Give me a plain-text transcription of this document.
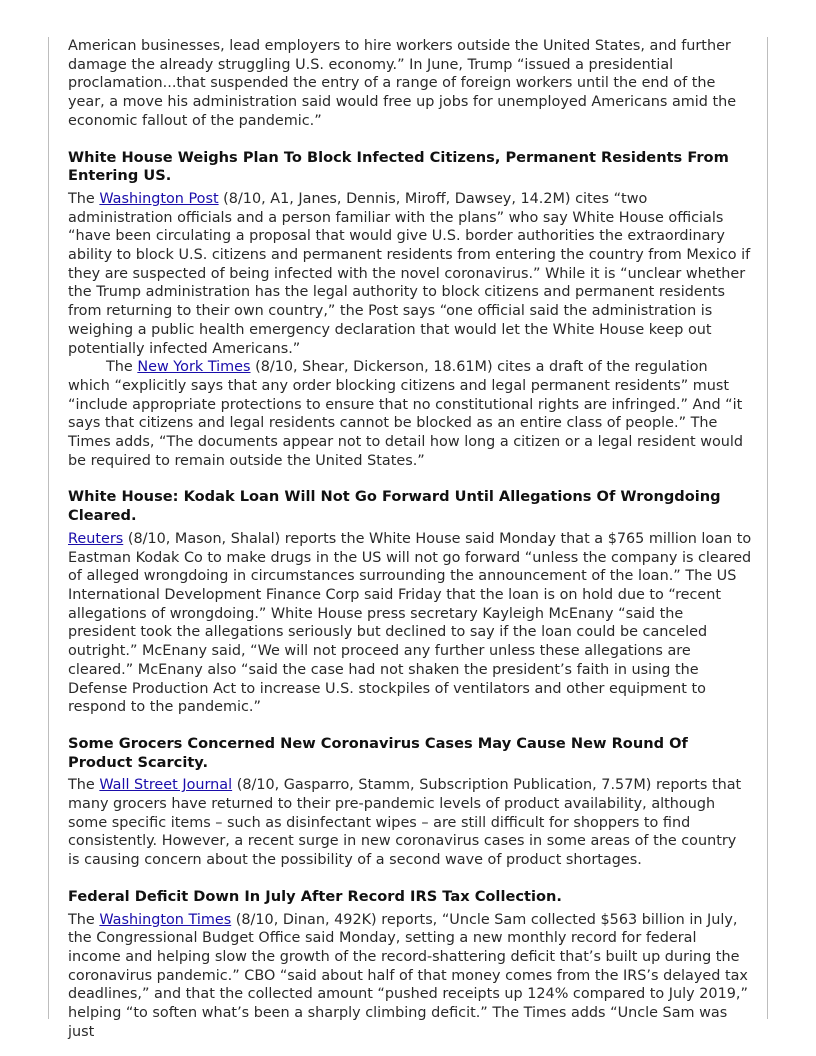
American businesses, lead employers to hire workers outside the United States, and further damage the already struggling U.S. economy.” In June, Trump “issued a presidential proclamation...that suspended the entry of a range of foreign workers until the end of the year, a move his administration said would free up jobs for unemployed Americans amid the economic fallout of the pandemic.”

White House Weighs Plan To Block Infected Citizens, Permanent Residents From Entering US.

The Washington Post (8/10, A1, Janes, Dennis, Miroff, Dawsey, 14.2M) cites “two administration officials and a person familiar with the plans” who say White House officials “have been circulating a proposal that would give U.S. border authorities the extraordinary ability to block U.S. citizens and permanent residents from entering the country from Mexico if they are suspected of being infected with the novel coronavirus.” While it is “unclear whether the Trump administration has the legal authority to block citizens and permanent residents from returning to their own country,” the Post says “one official said the administration is weighing a public health emergency declaration that would let the White House keep out potentially infected Americans.”

The New York Times (8/10, Shear, Dickerson, 18.61M) cites a draft of the regulation which “explicitly says that any order blocking citizens and legal permanent residents” must “include appropriate protections to ensure that no constitutional rights are infringed.” And “it says that citizens and legal residents cannot be blocked as an entire class of people.” The Times adds, “The documents appear not to detail how long a citizen or a legal resident would be required to remain outside the United States.”

White House: Kodak Loan Will Not Go Forward Until Allegations Of Wrongdoing Cleared.

Reuters (8/10, Mason, Shalal) reports the White House said Monday that a $765 million loan to Eastman Kodak Co to make drugs in the US will not go forward “unless the company is cleared of alleged wrongdoing in circumstances surrounding the announcement of the loan.” The US International Development Finance Corp said Friday that the loan is on hold due to “recent allegations of wrongdoing.” White House press secretary Kayleigh McEnany “said the president took the allegations seriously but declined to say if the loan could be canceled outright.” McEnany said, “We will not proceed any further unless these allegations are cleared.” McEnany also “said the case had not shaken the president’s faith in using the Defense Production Act to increase U.S. stockpiles of ventilators and other equipment to respond to the pandemic.”

Some Grocers Concerned New Coronavirus Cases May Cause New Round Of Product Scarcity.

The Wall Street Journal (8/10, Gasparro, Stamm, Subscription Publication, 7.57M) reports that many grocers have returned to their pre-pandemic levels of product availability, although some specific items – such as disinfectant wipes – are still difficult for shoppers to find consistently. However, a recent surge in new coronavirus cases in some areas of the country is causing concern about the possibility of a second wave of product shortages.

Federal Deficit Down In July After Record IRS Tax Collection.

The Washington Times (8/10, Dinan, 492K) reports, “Uncle Sam collected $563 billion in July, the Congressional Budget Office said Monday, setting a new monthly record for federal income and helping slow the growth of the record-shattering deficit that’s built up during the coronavirus pandemic.” CBO “said about half of that money comes from the IRS’s delayed tax deadlines,” and that the collected amount “pushed receipts up 124% compared to July 2019,” helping “to soften what’s been a sharply climbing deficit.” The Times adds “Uncle Sam was just
